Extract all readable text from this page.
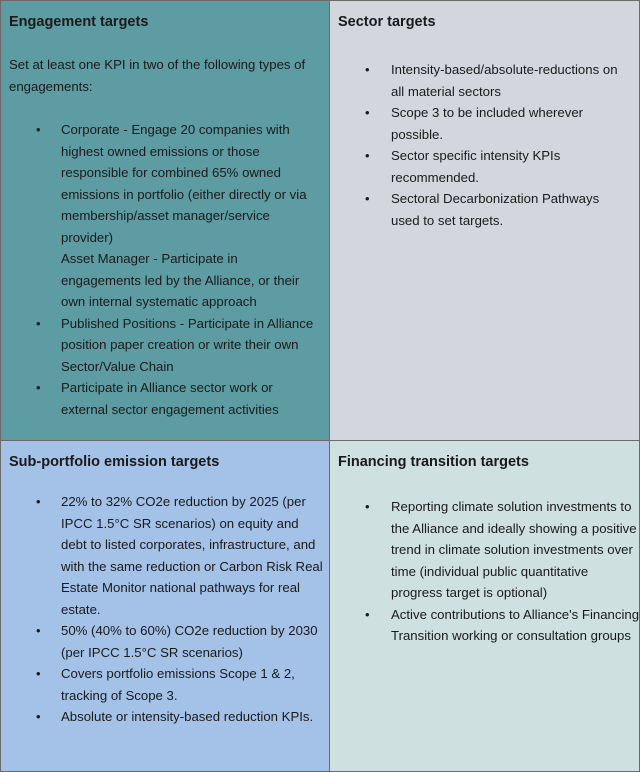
Engagement targets
Set at least one KPI in two of the following types of engagements:
• Corporate - Engage 20 companies with highest owned emissions or those responsible for combined 65% owned emissions in portfolio (either directly or via membership/asset manager/service provider)
Asset Manager - Participate in engagements led by the Alliance, or their own internal systematic approach
• Published Positions - Participate in Alliance position paper creation or write their own Sector/Value Chain
• Participate in Alliance sector work or external sector engagement activities
Sector targets
• Intensity-based/absolute-reductions on all material sectors
• Scope 3 to be included wherever possible.
• Sector specific intensity KPIs recommended.
• Sectoral Decarbonization Pathways used to set targets.
Sub-portfolio emission targets
• 22% to 32% CO2e reduction by 2025 (per IPCC 1.5°C SR scenarios) on equity and debt to listed corporates, infrastructure, and with the same reduction or Carbon Risk Real Estate Monitor national pathways for real estate.
• 50% (40% to 60%) CO2e reduction by 2030 (per IPCC 1.5°C SR scenarios)
• Covers portfolio emissions Scope 1 & 2, tracking of Scope 3.
• Absolute or intensity-based reduction KPIs.
Financing transition targets
• Reporting climate solution investments to the Alliance and ideally showing a positive trend in climate solution investments over time (individual public quantitative progress target is optional)
• Active contributions to Alliance's Financing Transition working or consultation groups
